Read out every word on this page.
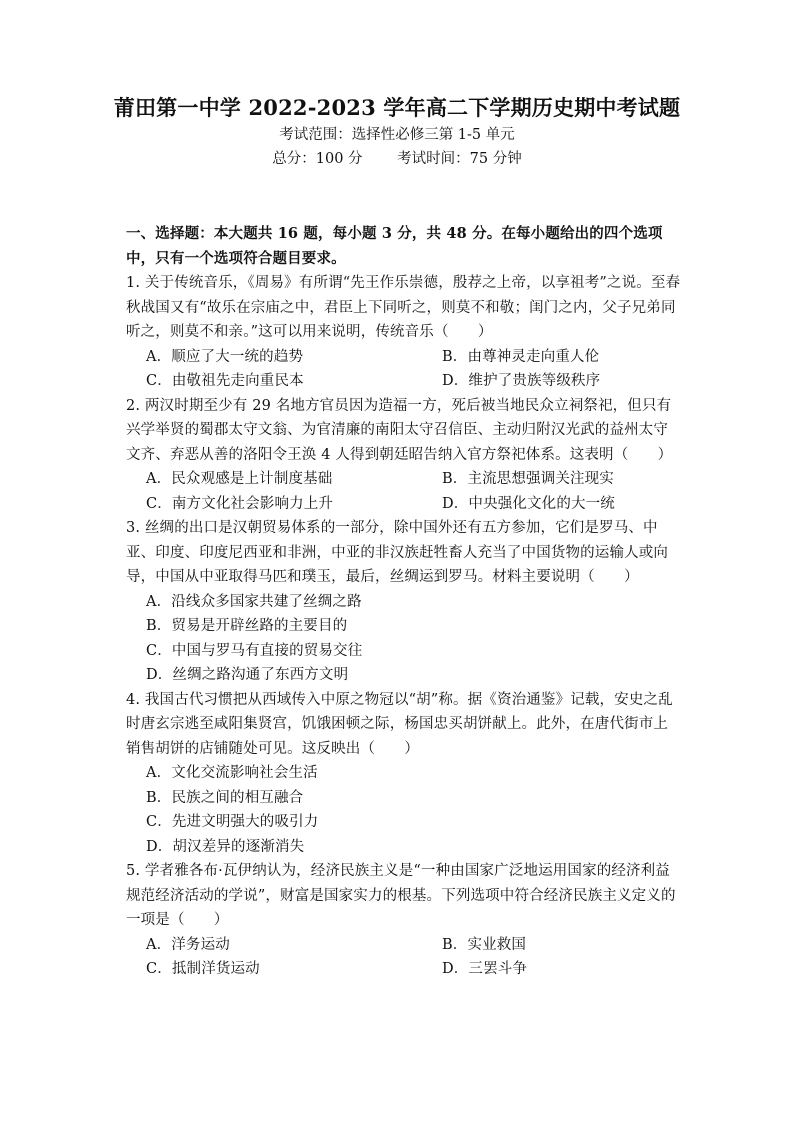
莆田第一中学 2022-2023 学年高二下学期历史期中考试题
考试范围：选择性必修三第 1-5 单元
总分：100 分 考试时间：75 分钟
一、选择题：本大题共 16 题，每小题 3 分，共 48 分。在每小题给出的四个选项中，只有一个选项符合题目要求。
1. 关于传统音乐，《周易》有所谓“先王作乐崇德，殷荐之上帝，以享祖考”之说。至春秋战国又有“故乐在宗庙之中，君臣上下同听之，则莫不和敬；闺门之内，父子兄弟同听之，则莫不和亲。”这可以用来说明，传统音乐（　　）
A．顺应了大一统的趋势	B．由尊神灵走向重人伦
C．由敬祖先走向重民本	D．维护了贵族等级秩序
2. 两汉时期至少有 29 名地方官员因为造福一方，死后被当地民众立祠祭祀，但只有兴学举贤的蜀郡太守文翁、为官清廉的南阳太守召信臣、主动归附汉光武的益州太守文齐、弃恶从善的洛阳令王涣 4 人得到朝廷昭告纳入官方祭祀体系。这表明（　　）
A．民众观感是上计制度基础	B．主流思想强调关注现实
C．南方文化社会影响力上升	D．中央强化文化的大一统
3. 丝绸的出口是汉朝贸易体系的一部分，除中国外还有五方参加，它们是罗马、中亚、印度、印度尼西亚和非洲，中亚的非汉族赶牲畜人充当了中国货物的运输人或向导，中国从中亚取得马匹和璞玉，最后，丝绸运到罗马。材料主要说明（　　）
A．沿线众多国家共建了丝绸之路
B．贸易是开辟丝路的主要目的
C．中国与罗马有直接的贸易交往
D．丝绸之路沟通了东西方文明
4. 我国古代习惯把从西域传入中原之物冠以“胡”称。据《资治通鉴》记载，安史之乱时唐玄宗逃至咸阳集贤宫，饥饿困顿之际，杨国忠买胡饼献上。此外，在唐代街市上销售胡饼的店铺随处可见。这反映出（　　）
A．文化交流影响社会生活
B．民族之间的相互融合
C．先进文明强大的吸引力
D．胡汉差异的逐渐消失
5. 学者雅各布·瓦伊纳认为，经济民族主义是“一种由国家广泛地运用国家的经济利益规范经济活动的学说”，财富是国家实力的根基。下列选项中符合经济民族主义定义的一项是（　　）
A．洋务运动	B．实业救国
C．抵制洋货运动	D．三罢斗争
